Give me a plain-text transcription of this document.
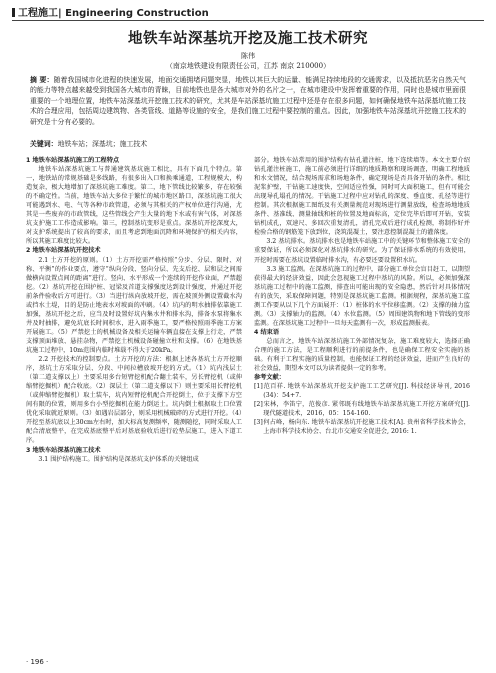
工程施工| Engineering Construction
地铁车站深基坑开挖及施工技术研究
陈伟
（南京地铁建设有限责任公司，江苏 南京 210000）
摘 要：随着我国城市化进程的快速发展，地面交通拥堵问题突显，地铁以其巨大的运量、能满足持续地段的交通需求，以及抵抗恶劣自然天气的能力等特点越来越受到我国各大城市的青睐，目前地铁也是各大城市对外的名片之一，在城市建设中发挥着重要的作用，同时也是城市里面很重要的一个地理位置，地铁车站深基坑开挖施工技术的研究，尤其是车站深基坑施工过程中还是存在很多问题，如何确保地铁车站深基坑施工技术的合理应用，包括周边建筑物、各类管线、道路等设施的安全，是我们施工过程中要控制的重点。因此，加强地铁车站深基坑开挖施工技术的研究是十分有必要的。
关键词：地铁车站；深基坑；施工技术

1 地铁车站深基坑施工的工程特点

地铁车站深基坑施工与普通建筑基坑施工相比，具有下面几个特点。第一，地铁站的常规基础是多线路，有很多出入口和换乘通道，工程规模大，构造复杂，极大地增加了深基坑施工难度。第二，地下管线比较繁多，存在较强的不确定性。当前，地铁车站大多位于繁忙的城市地区路口，深基坑施工很大可能遇到水、电、气等各种市政管道，必须与其相关的产权单位进行沟通，尤其是一些废弃的市政管线，这些管线会产生大量的地下水或有害气体，对深基坑支护施工工作造成影响。第三，控制基坑变形是重点。深基坑开挖深度大，对支护系统提出了较高的要求，而且考虑到地面沉降和环境保护的相关内容，所以其施工难度比较大。

2 地铁车站深基坑开挖技术

2.1 土方开挖的原则。（1）土方开挖需严格按照“分步、分层、限时、对称、平衡”的作业要点，遵守“纵向分段、竖向分层、先支后挖、层和层之间需做横向设置点间的距离”进行。竖向、水平形成一个连续的开挖作业面，严禁超挖。（2）基坑开挖在围护桩、冠梁及首道支撑强度达到设计强度，并通过开挖前条件验收后方可进行。（3）当进行纵向放坡开挖，需在坡顶外侧设置截水沟或挡水土堤，目的是防止地表水对坡面的冲刷。（4）坑内的明水抽排依靠施工加强，基坑开挖之后，应当及时设置好坑内集水井和排水沟，排备水泵将集水井及时抽排，避免坑底长时间积水，进入雨季施工，要严格按照雨季施工方案开展施工。（5）严禁挖土的机械设备及相关运输车辆直接在支撑上行走，严禁支撑顶面堆放、悬挂杂物，严禁挖土机械设备碰撞立柱和支撑。（6）在地铁基坑施工过程中，10m范围内临时堆载不得大于20kPa。

2.2 开挖技术的控制要点。土方开挖的方法：根据上述各基坑土方开挖顺序，基坑土方采取分层、分段、中间拉槽放坡开挖的方式。（1）坑内浅层土（第二道支撑以上）主要采用多台短臂挖机配合翻土装车，另长臂挖机（或伸缩臂挖掘机）配合收底。（2）深层土（第二道支撑以下）则主要采用长臂挖机（或伸缩臂挖掘机）取土装车，坑内短臂挖机配合开挖倒土，位于支撑下方空间有限的位置，则用多台小型挖掘机在能力倒运土。坑内倒土根据取土口位置优化采取就近原则。（3）如遇岩层部分，则采用机械破碎的方式进行开挖。（4）开挖至基坑底以上30cm左右时，加大标高复测频率，随测随挖，同时采取人工配合清底整平，在完成基底整平后对基底验收后进行砼垫层施工，进入下道工序。

3 地铁车站深基坑施工技术

3.1 围护结构施工。围护结构是深基坑支护体系的关键组成

部分。地铁车站常用的围护结构有钻孔灌注桩、地下连续墙等。本文主要介绍钻孔灌注桩施工，施工前必须进行详细的地质勘察和现场调查，明确工程地质和水文情况，结合现场需求和场地条件，确定现场是否具备开钻的条件。相比泥浆护壁，干钻施工速度快，空间适应性强，同时可大面积施工，但有可能会出现导孔塌孔的情况。干钻施工过程中应对钻孔的深度、垂直度、孔径等进行控制。其次根据施工图纸及有关测量规范对现场进行测量放线，检查场地地质条件、基准线、测量轴线和桩的位置及地面标高，定位完毕后即可开钻，安装钻机成孔，双速尺、多回次重复清孔，清孔完成后进行成孔检测，将制作好并检验合格的钢筋笼下放到位，浇筑混凝土，要注意控制混凝土的灌落度。

3.2 基坑排水。基坑排水也是地铁车站施工中的关键环节和整体施工安全的重要保证，所以必须深化对基坑排水的研究。为了保证排水系统的有效使用，开挖时需要在基坑设置临时排水沟，有必要还要设置积水坑。

3.3 施工监测。在深基坑施工的过程中，部分施工单位会盲目赶工，以期望获得最大的经济效益，因此会忽视施工过程中基坑的风险。所以，必须加强深基坑施工过程中的施工监测，排查出可能出现的安全隐患，然后针对具体情况有的放矢，采取保障问题，特别是深基坑施工监测。根据规程，深基坑施工监测工作要从以下几个方面展开：（1）桩体的水平位移监测。（2）支撑的轴力监测。（3）支撑轴力的监测。（4）水位监测。（5）周围建筑物和地下管线的变形监测。在深基坑施工过程中一旦每天监测有一次，形成监测报表。

4 结束语

总而言之，地铁车站深基坑施工外部情况复杂，施工难度较大，选择正确合理的施工方法，是工程顺利进行的前提条件，也是确保工程安全实施的基础。有利于工程实施的质量控制，也能保证工程的经济效益，进而产生良好的社会效益，期望本文可以为读者提供一定的参考。

参考文献：

[1]范百祥. 地铁车站深基坑开挖支护施工工艺研究[J]. 科技经济导刊, 2016 (34)：54+7.

[2]宋林，李笛宁，范俊彦. 紧邻既有线地铁车站深基坑施工开挖方案研究[J]. 现代隧道技术，2016，05：154-160.

[3]何占峰，杨向东. 地铁车站深基坑开挖施工技术[A]. 贵州省科学技术协会，上海市科学技术协会、台北市交通安全促进会, 2016: 1.

· 196 ·
